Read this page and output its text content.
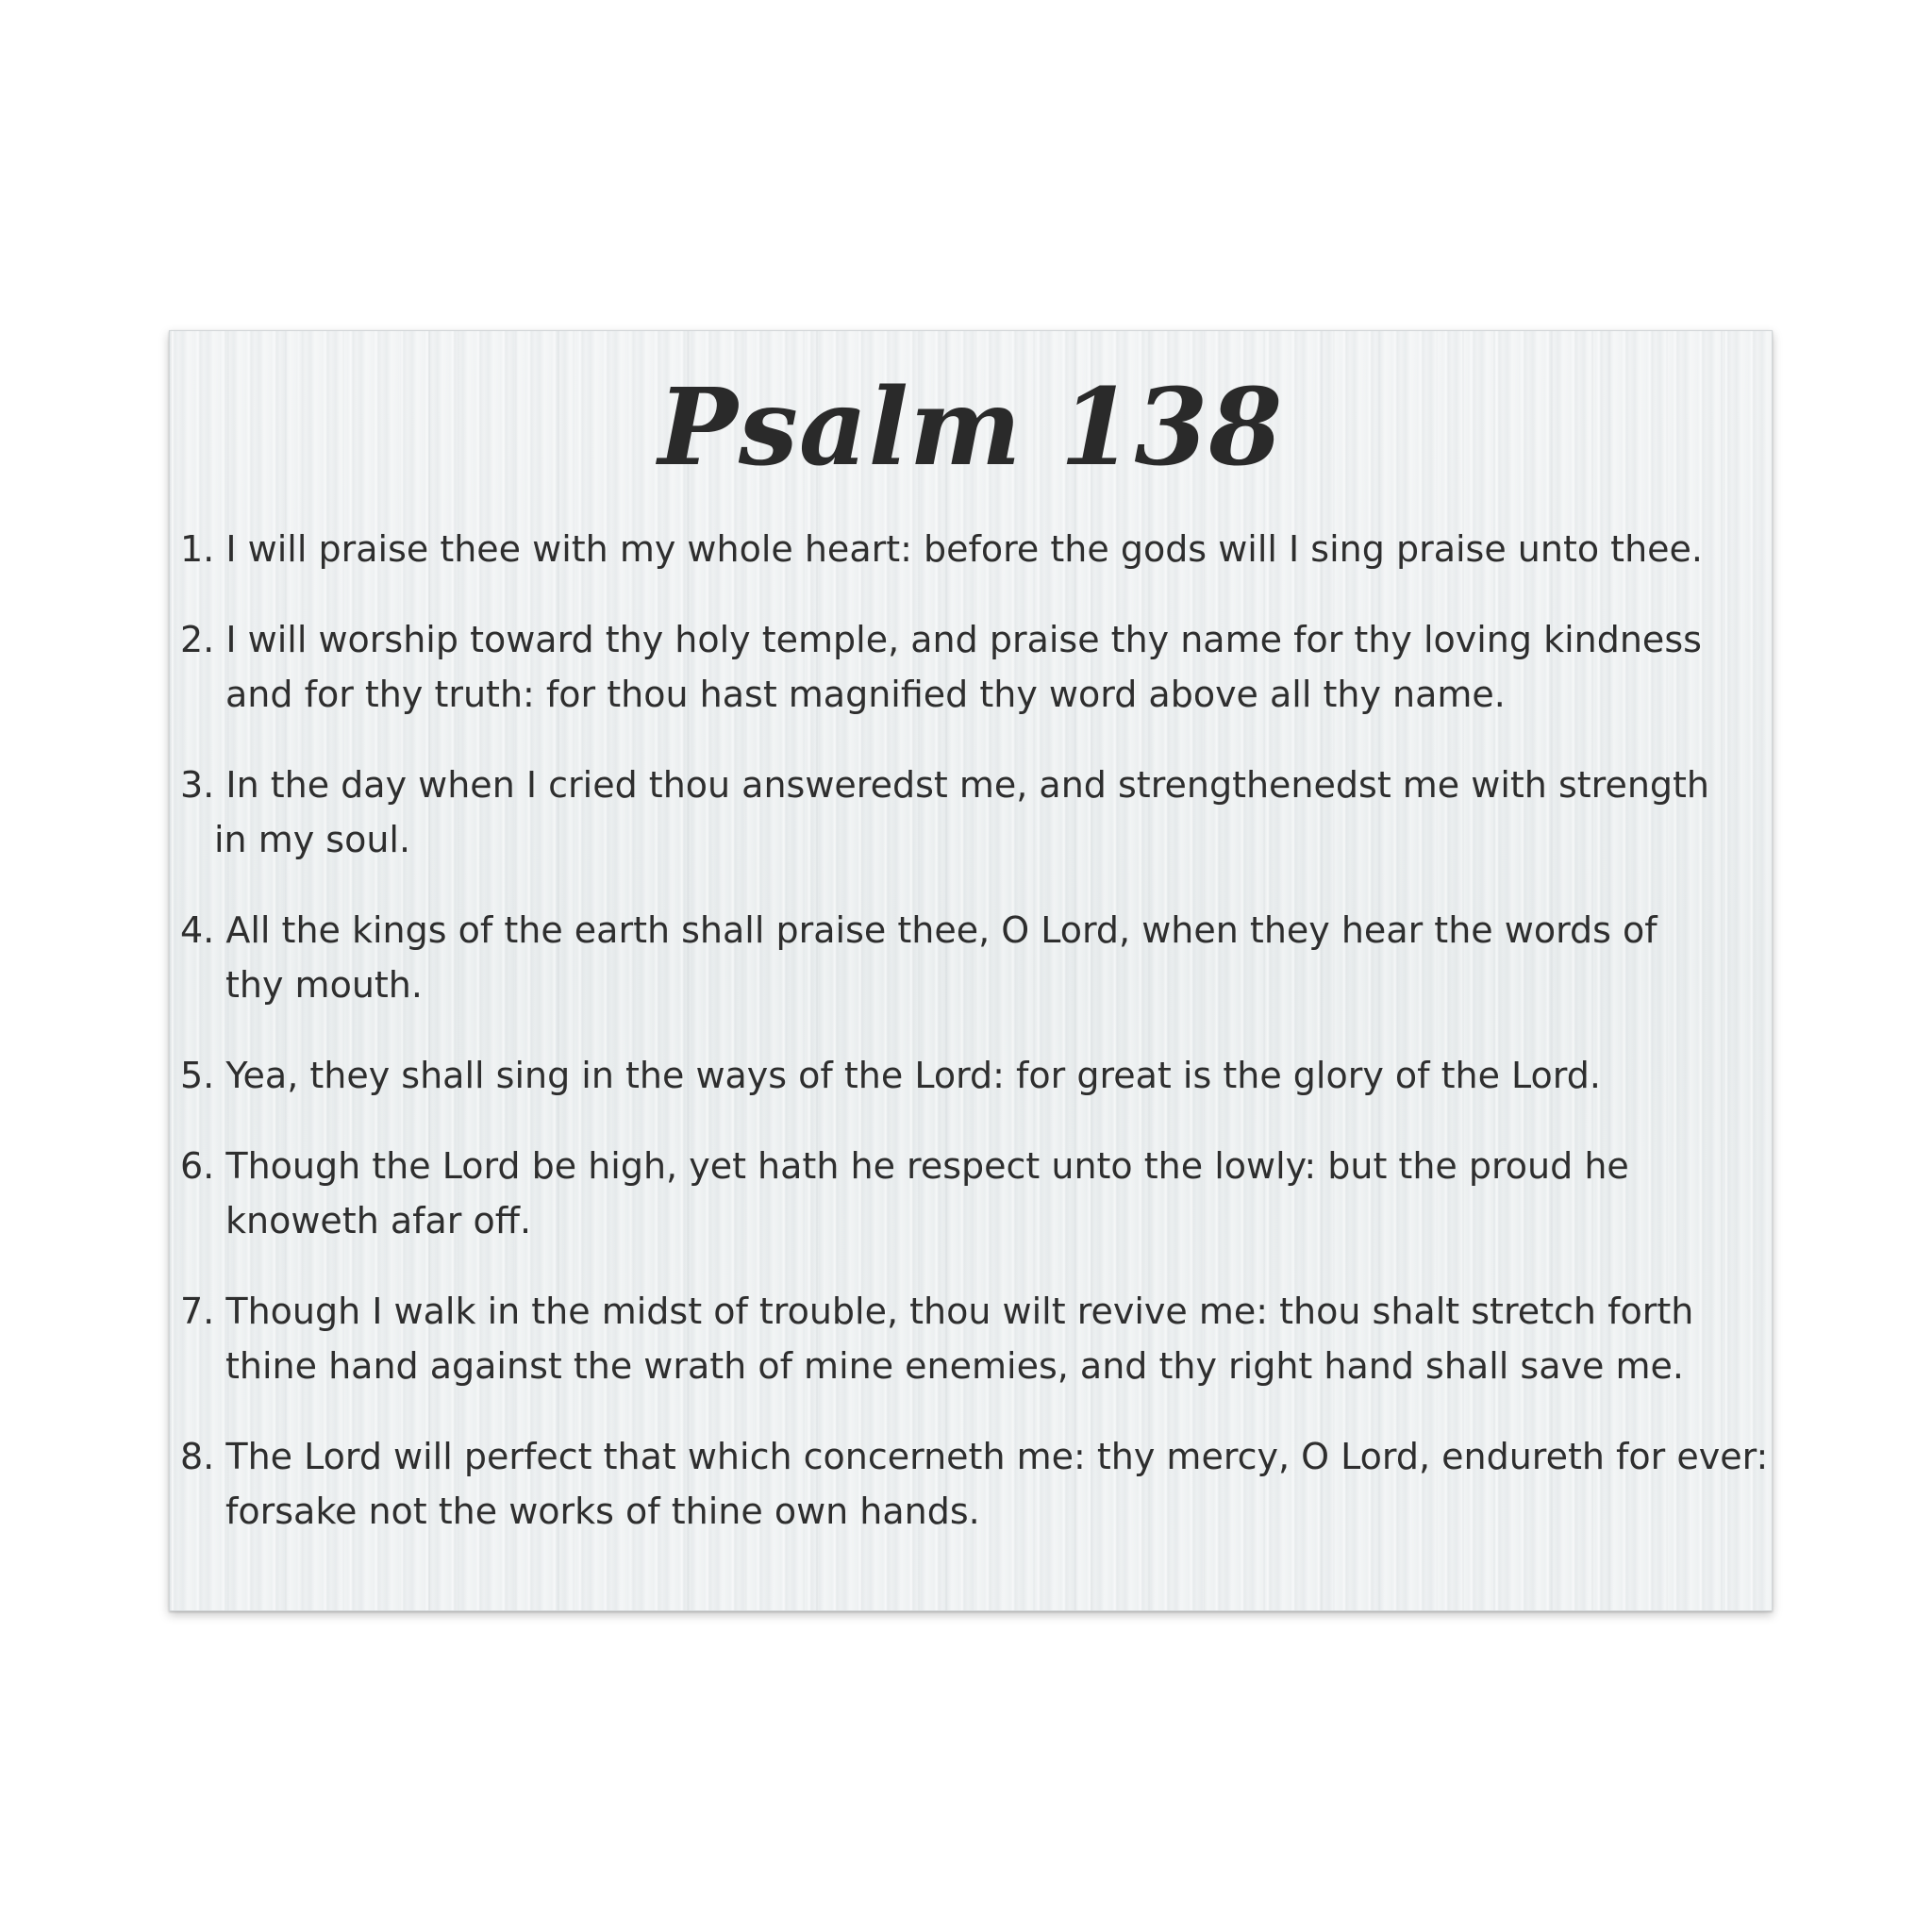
Psalm 138
1. I will praise thee with my whole heart: before the gods will I sing praise unto thee.
2. I will worship toward thy holy temple, and praise thy name for thy loving kindness
and for thy truth: for thou hast magnified thy word above all thy name.
3. In the day when I cried thou answeredst me, and strengthenedst me with strength
in my soul.
4. All the kings of the earth shall praise thee, O Lord, when they hear the words of
thy mouth.
5. Yea, they shall sing in the ways of the Lord: for great is the glory of the Lord.
6. Though the Lord be high, yet hath he respect unto the lowly: but the proud he
knoweth afar off.
7. Though I walk in the midst of trouble, thou wilt revive me: thou shalt stretch forth
thine hand against the wrath of mine enemies, and thy right hand shall save me.
8. The Lord will perfect that which concerneth me: thy mercy, O Lord, endureth for ever:
forsake not the works of thine own hands.
